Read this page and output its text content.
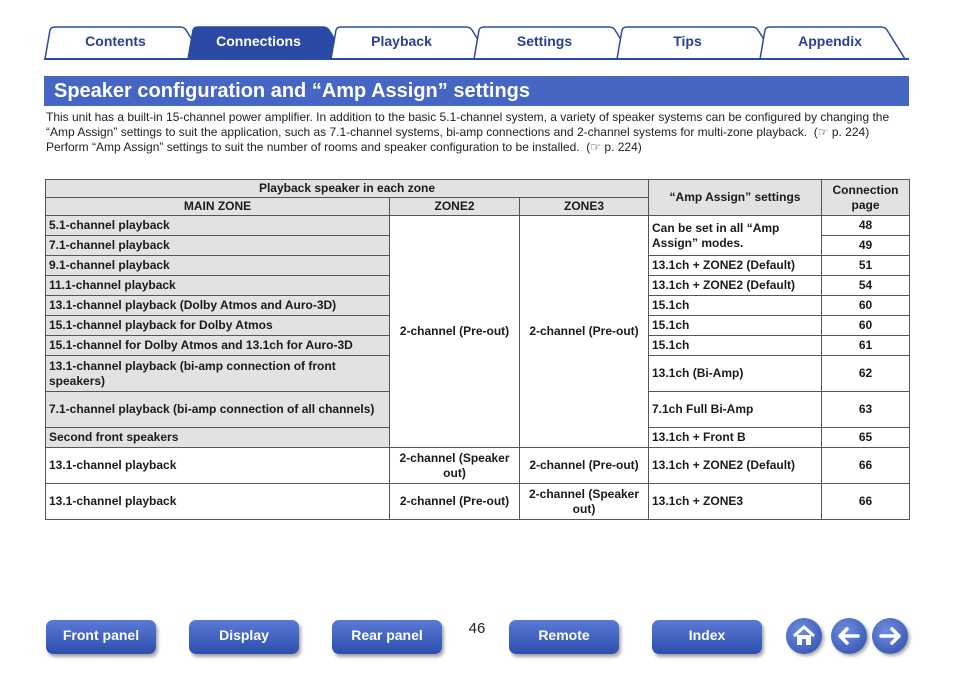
Contents	Connections	Playback	Settings	Tips	Appendix
Speaker configuration and “Amp Assign” settings

This unit has a built-in 15-channel power amplifier. In addition to the basic 5.1-channel system, a variety of speaker systems can be configured by changing the “Amp Assign” settings to suit the application, such as 7.1-channel systems, bi-amp connections and 2-channel systems for multi-zone playback.  (☞ p. 224)

Perform “Amp Assign” settings to suit the number of rooms and speaker configuration to be installed.  (☞ p. 224)

Playback speaker in each zone			“Amp Assign” settings	Connection page
MAIN ZONE	ZONE2	ZONE3		
5.1-channel playback	2-channel (Pre-out)	2-channel (Pre-out)	Can be set in all “Amp Assign” modes.	48
7.1-channel playback				49
9.1-channel playback			13.1ch + ZONE2 (Default)	51
11.1-channel playback			13.1ch + ZONE2 (Default)	54
13.1-channel playback (Dolby Atmos and Auro-3D)			15.1ch	60
15.1-channel playback for Dolby Atmos			15.1ch	60
15.1-channel for Dolby Atmos and 13.1ch for Auro-3D			15.1ch	61
13.1-channel playback (bi-amp connection of front speakers)			13.1ch (Bi-Amp)	62
7.1-channel playback (bi-amp connection of all channels)			7.1ch Full Bi-Amp	63
Second front speakers			13.1ch + Front B	65
13.1-channel playback	2-channel (Speaker out)	2-channel (Pre-out)	13.1ch + ZONE2 (Default)	66
13.1-channel playback	2-channel (Pre-out)	2-channel (Speaker out)	13.1ch + ZONE3	66
Front panel	Display	Rear panel	46	Remote	Index
